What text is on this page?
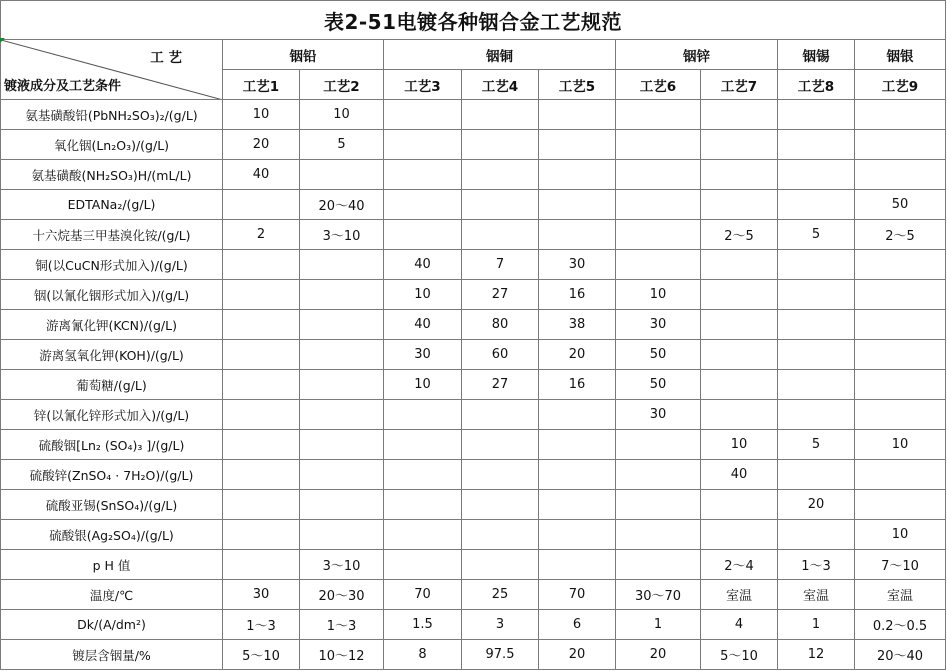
表2-51电镀各种铟合金工艺规范									

工 艺
镀液成分及工艺条件	铟铅		铟铜			铟锌		铟锡	铟银
	工艺1	工艺2	工艺3	工艺4	工艺5	工艺6	工艺7	工艺8	工艺9
氨基磺酸铅(PbNH₂SO₃)₂/(g/L)	10	10							
氧化铟(Ln₂O₃)/(g/L)	20	5							
氨基磺酸(NH₂SO₃)H/(mL/L)	40								
EDTANa₂/(g/L)		20～40							50
十六烷基三甲基溴化铵/(g/L)	2	3～10					2～5	5	2～5
铜(以CuCN形式加入)/(g/L)			40	7	30				
铟(以氰化铟形式加入)/(g/L)			10	27	16	10			
游离氰化钾(KCN)/(g/L)			40	80	38	30			
游离氢氧化钾(KOH)/(g/L)			30	60	20	50			
葡萄糖/(g/L)			10	27	16	50			
锌(以氰化锌形式加入)/(g/L)						30			
硫酸铟[Ln₂ (SO₄)₃ ]/(g/L)							10	5	10
硫酸锌(ZnSO₄ · 7H₂O)/(g/L)							40		
硫酸亚锡(SnSO₄)/(g/L)								20	
硫酸银(Ag₂SO₄)/(g/L)									10
p H 值		3～10					2～4	1～3	7～10
温度/℃	30	20～30	70	25	70	30～70	室温	室温	室温
Dk/(A/dm²)	1～3	1～3	1.5	3	6	1	4	1	0.2～0.5
镀层含铟量/%	5～10	10～12	8	97.5	20	20	5～10	12	20～40
